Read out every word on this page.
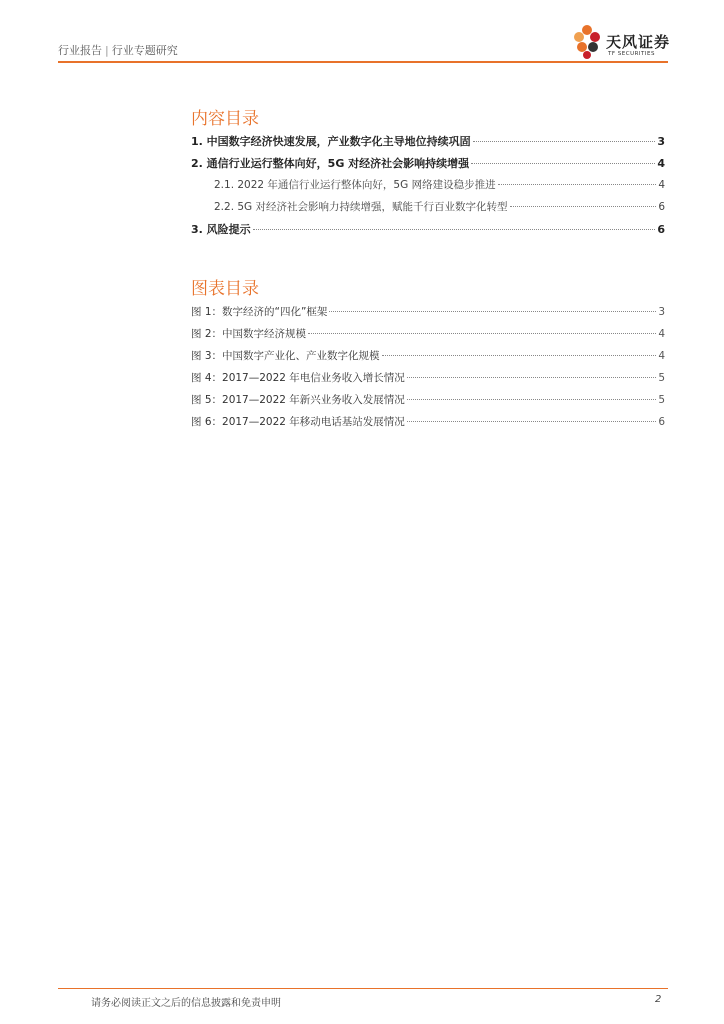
行业报告 | 行业专题研究	天风证券
TF SECURITIES
内容目录
1. 中国数字经济快速发展，产业数字化主导地位持续巩固	3
2. 通信行业运行整体向好，5G 对经济社会影响持续增强	4
2.1. 2022 年通信行业运行整体向好，5G 网络建设稳步推进	4
2.2. 5G 对经济社会影响力持续增强，赋能千行百业数字化转型	6
3. 风险提示	6
图表目录
图 1：数字经济的“四化”框架	3
图 2：中国数字经济规模	4
图 3：中国数字产业化、产业数字化规模	4
图 4：2017—2022 年电信业务收入增长情况	5
图 5：2017—2022 年新兴业务收入发展情况	5
图 6：2017—2022 年移动电话基站发展情况	6
请务必阅读正文之后的信息披露和免责申明	2
